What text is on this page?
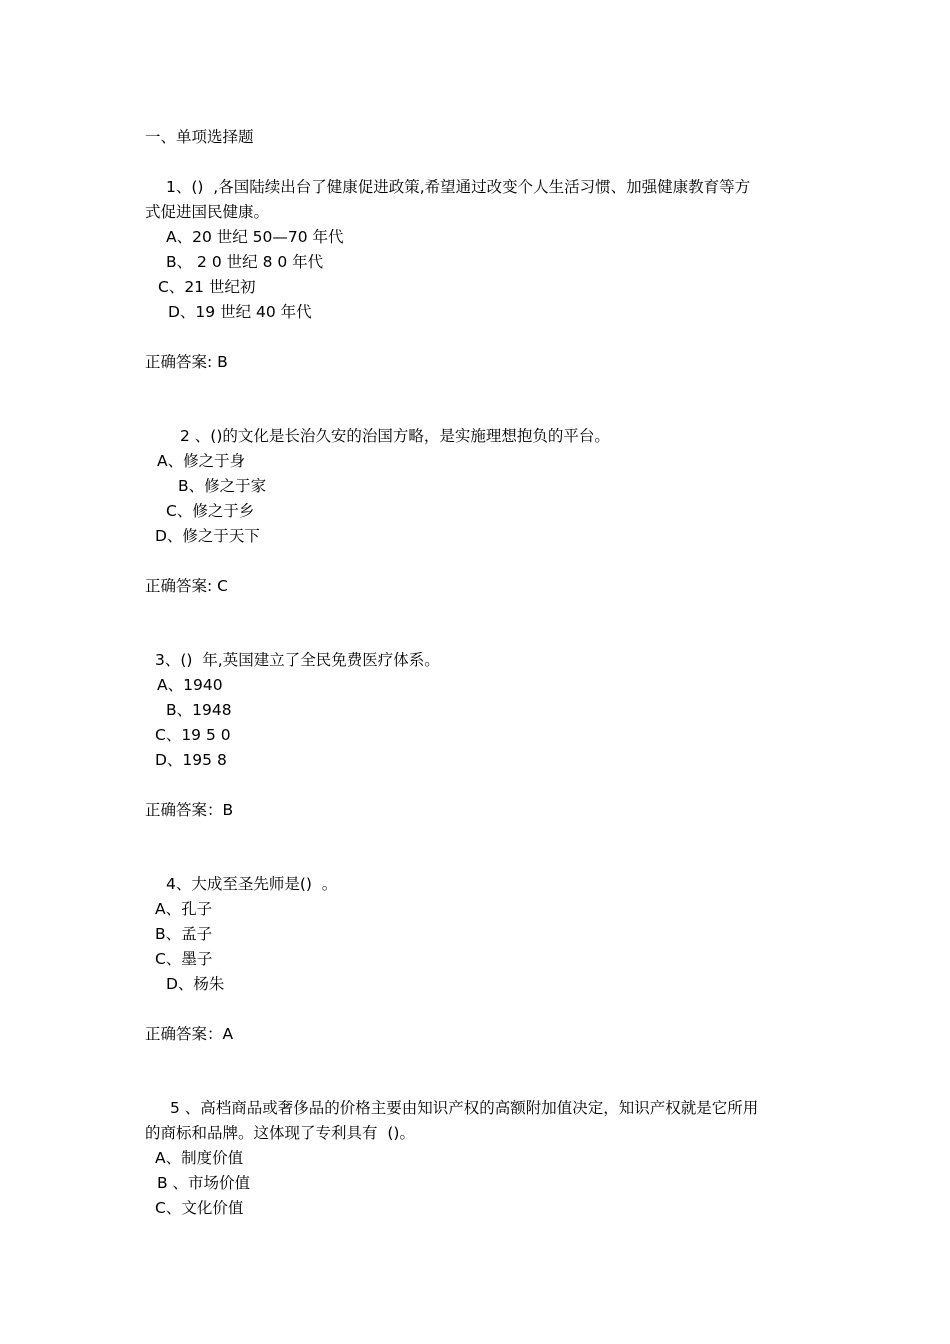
一、单项选择题
1、()  ,各国陆续出台了健康促进政策,希望通过改变个人生活习惯、加强健康教育等方
式促进国民健康。
A、20 世纪 50—70 年代
B、 2 0 世纪 8 0 年代
C、21 世纪初
D、19 世纪 40 年代
正确答案: B
2 、()的文化是长治久安的治国方略，是实施理想抱负的平台。
A、修之于身
B、修之于家
C、修之于乡
D、修之于天下
正确答案: C
3、()  年,英国建立了全民免费医疗体系。
A、1940
B、1948
C、19 5 0
D、195 8
正确答案：B
4、大成至圣先师是()  。
A、孔子
B、孟子
C、墨子
D、杨朱
正确答案：A
5 、高档商品或奢侈品的价格主要由知识产权的高额附加值决定，知识产权就是它所用
的商标和品牌。这体现了专利具有  ()。
A、制度价值
B 、市场价值
C、文化价值
